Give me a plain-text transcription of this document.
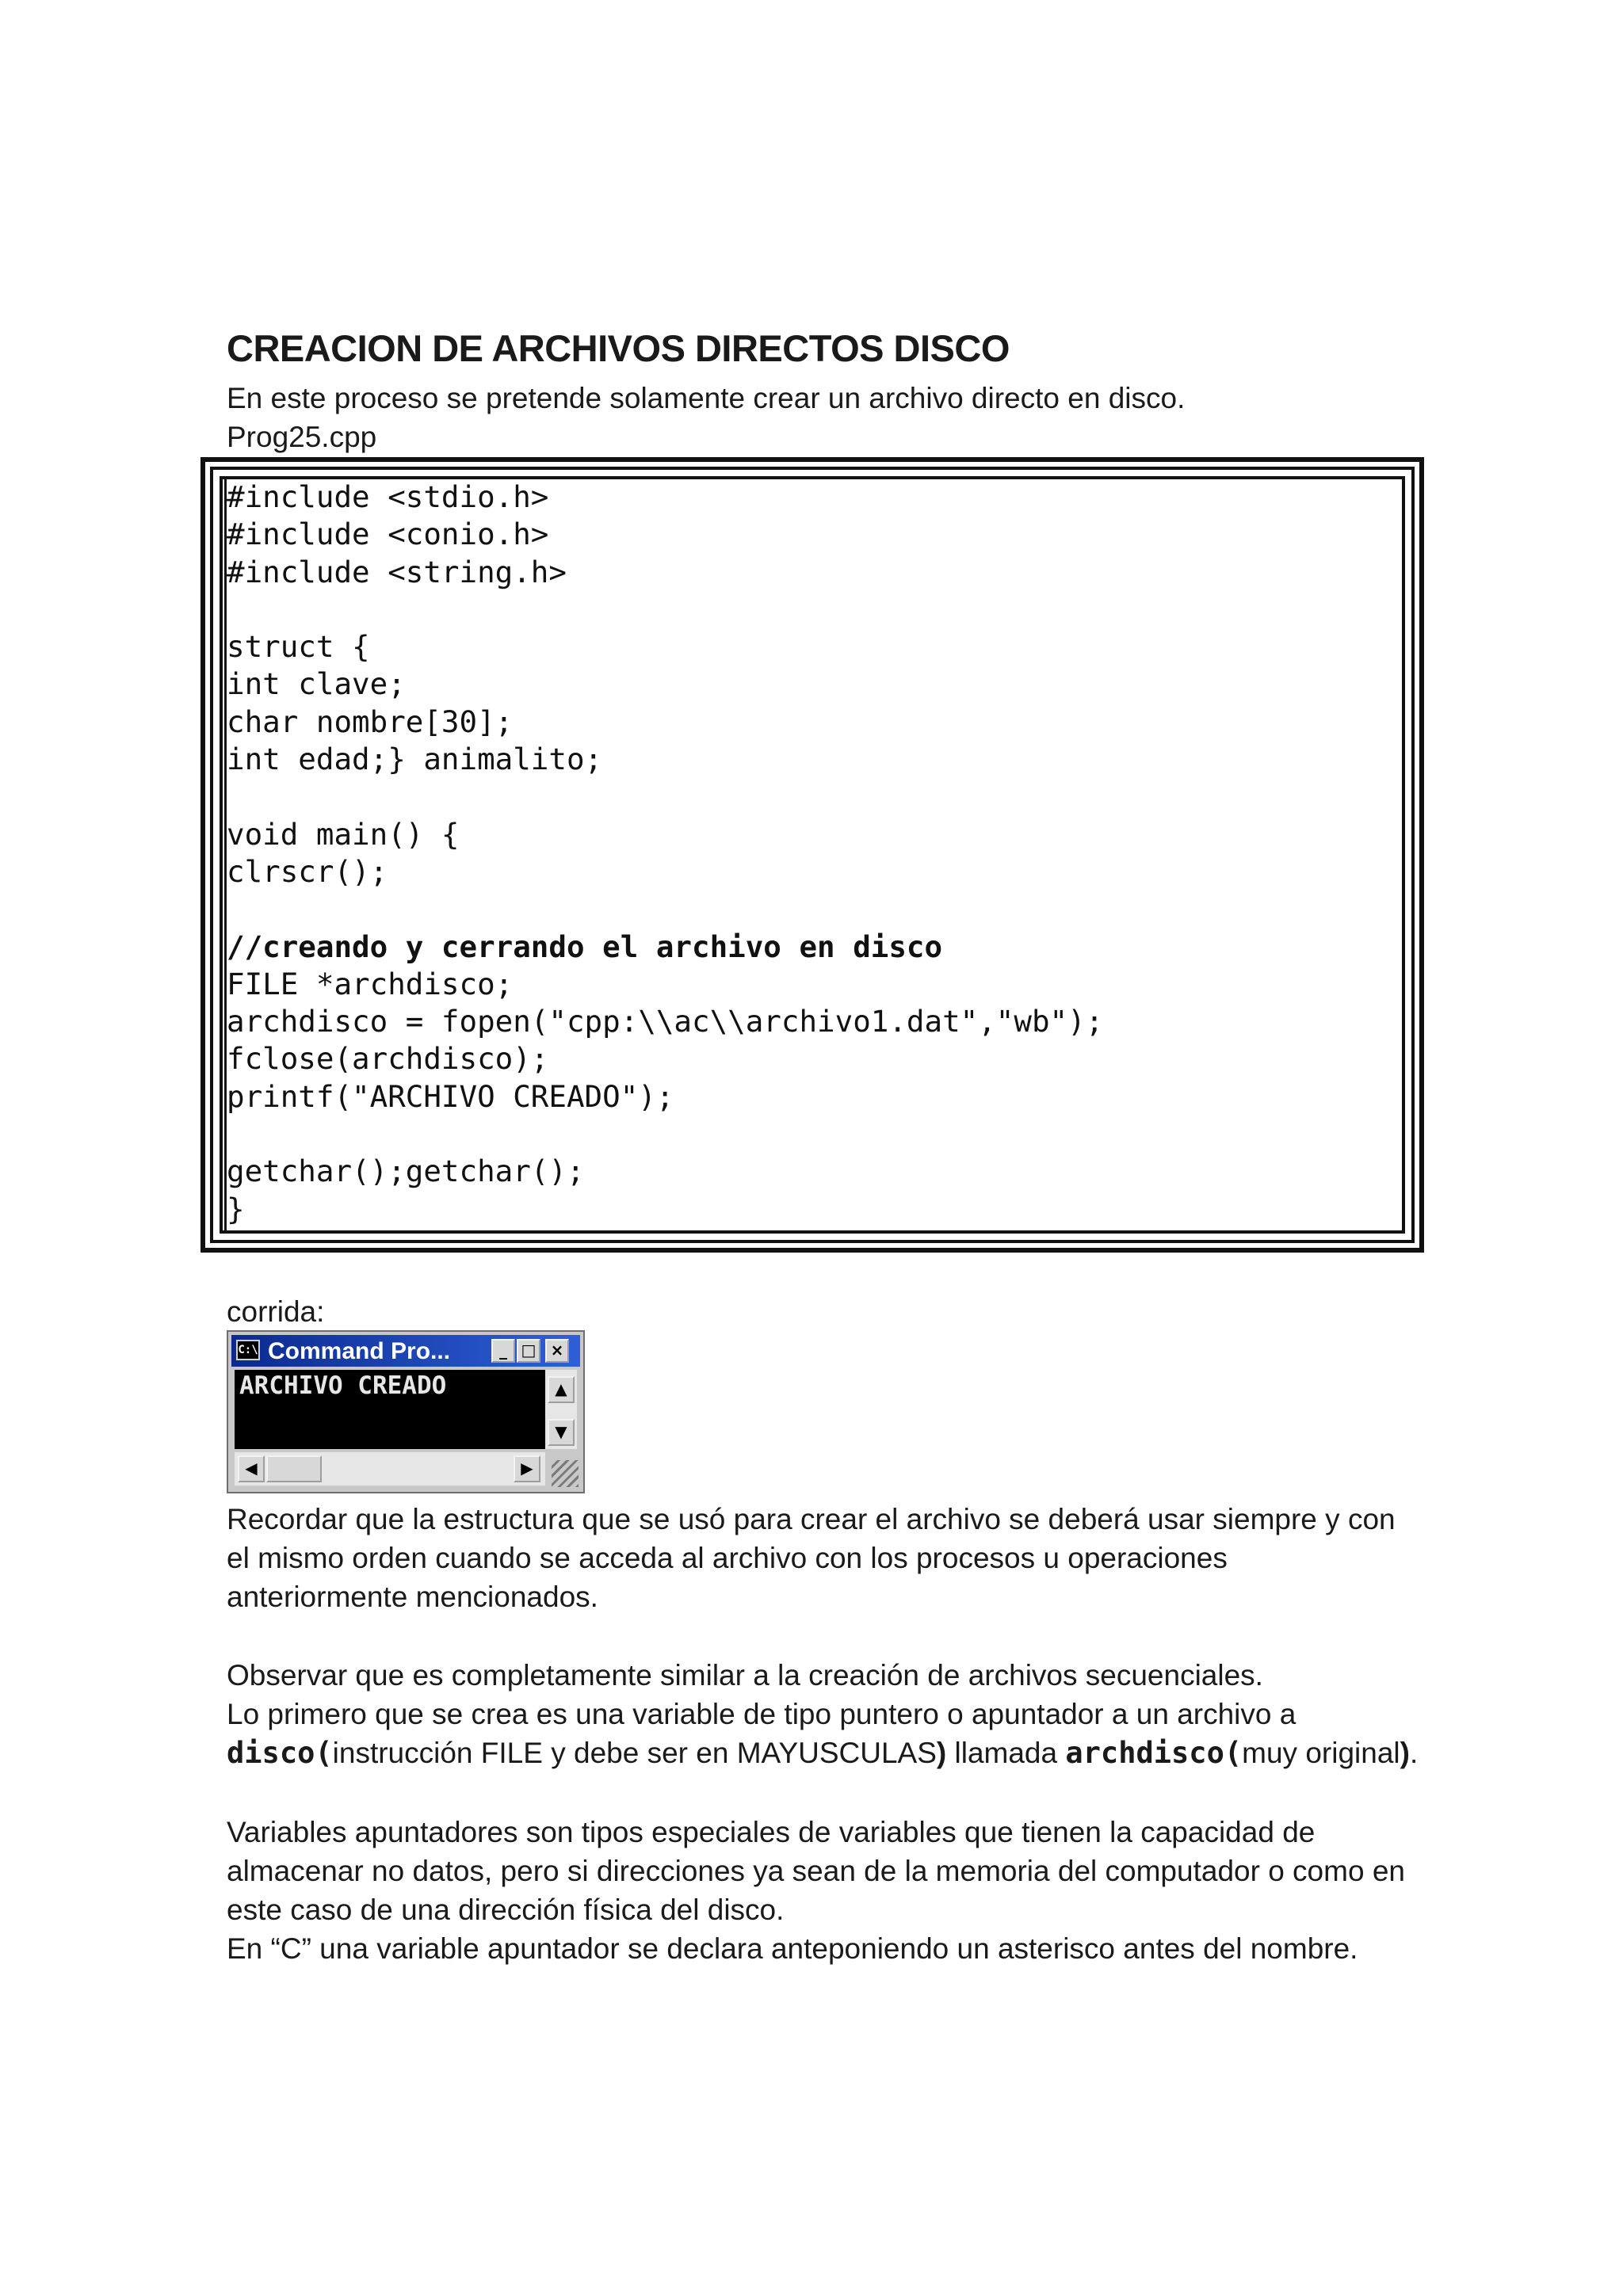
CREACION DE ARCHIVOS DIRECTOS DISCO

En este proceso se pretende solamente crear un archivo directo en disco.

Prog25.cpp

#include <stdio.h>
#include <conio.h>
#include <string.h>
struct {
int clave;
char nombre[30];
int edad;} animalito;
void main() {
clrscr();
//creando y cerrando el archivo en disco
FILE *archdisco;
archdisco = fopen("cpp:\\ac\\archivo1.dat","wb");
fclose(archdisco);
printf("ARCHIVO CREADO");
getchar();getchar();
}

corrida:

C:\ Command Pro...	_ □ ×
ARCHIVO CREADO	▲
▼
◀	▶

Recordar que la estructura que se usó para crear el archivo se deberá usar siempre y con

el mismo orden cuando se acceda al archivo con los procesos u operaciones

anteriormente mencionados.

Observar que es completamente similar a la creación de archivos secuenciales.

Lo primero que se crea es una variable de tipo puntero o apuntador a un archivo a

disco(instrucción FILE y debe ser en MAYUSCULAS) llamada archdisco(muy original).

Variables apuntadores son tipos especiales de variables que tienen la capacidad de

almacenar no datos, pero si direcciones ya sean de la memoria del computador o como en

este caso de una dirección física del disco.

En “C” una variable apuntador se declara anteponiendo un asterisco antes del nombre.
